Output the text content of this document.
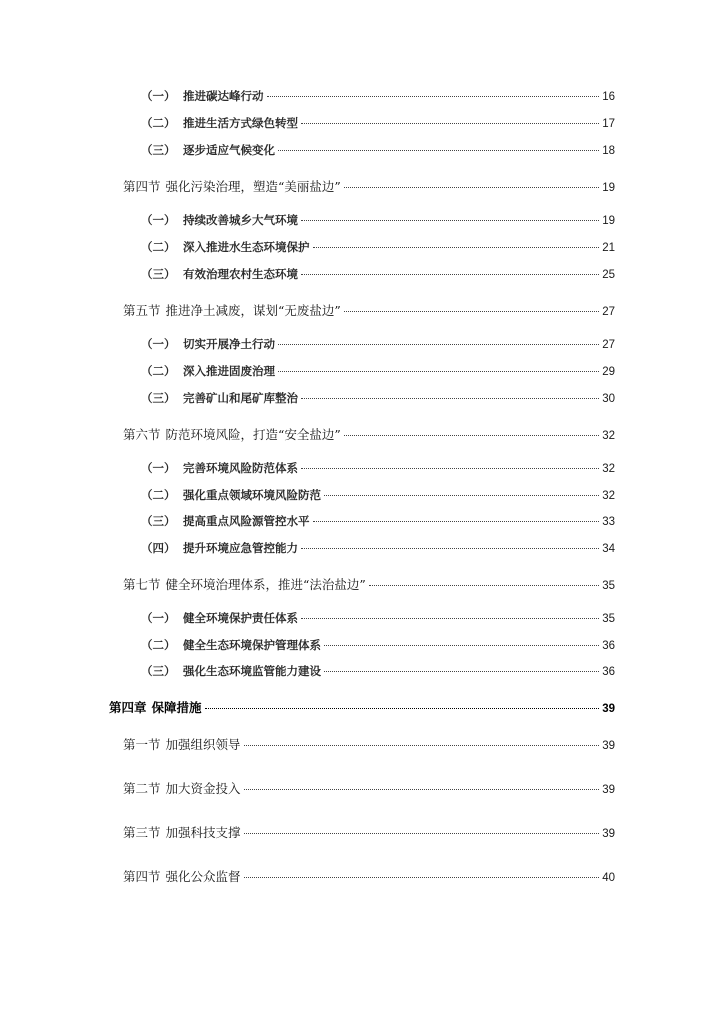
（一） 推进碳达峰行动	16
（二） 推进生活方式绿色转型	17
（三） 逐步适应气候变化	18
第四节 强化污染治理，塑造“美丽盐边”	19
（一） 持续改善城乡大气环境	19
（二） 深入推进水生态环境保护	21
（三） 有效治理农村生态环境	25
第五节 推进净土减废，谋划“无废盐边”	27
（一） 切实开展净土行动	27
（二） 深入推进固废治理	29
（三） 完善矿山和尾矿库整治	30
第六节 防范环境风险，打造“安全盐边”	32
（一） 完善环境风险防范体系	32
（二） 强化重点领域环境风险防范	32
（三） 提高重点风险源管控水平	33
（四） 提升环境应急管控能力	34
第七节 健全环境治理体系，推进“法治盐边”	35
（一） 健全环境保护责任体系	35
（二） 健全生态环境保护管理体系	36
（三） 强化生态环境监管能力建设	36
第四章 保障措施	39
第一节 加强组织领导	39
第二节 加大资金投入	39
第三节 加强科技支撑	39
第四节 强化公众监督	40
